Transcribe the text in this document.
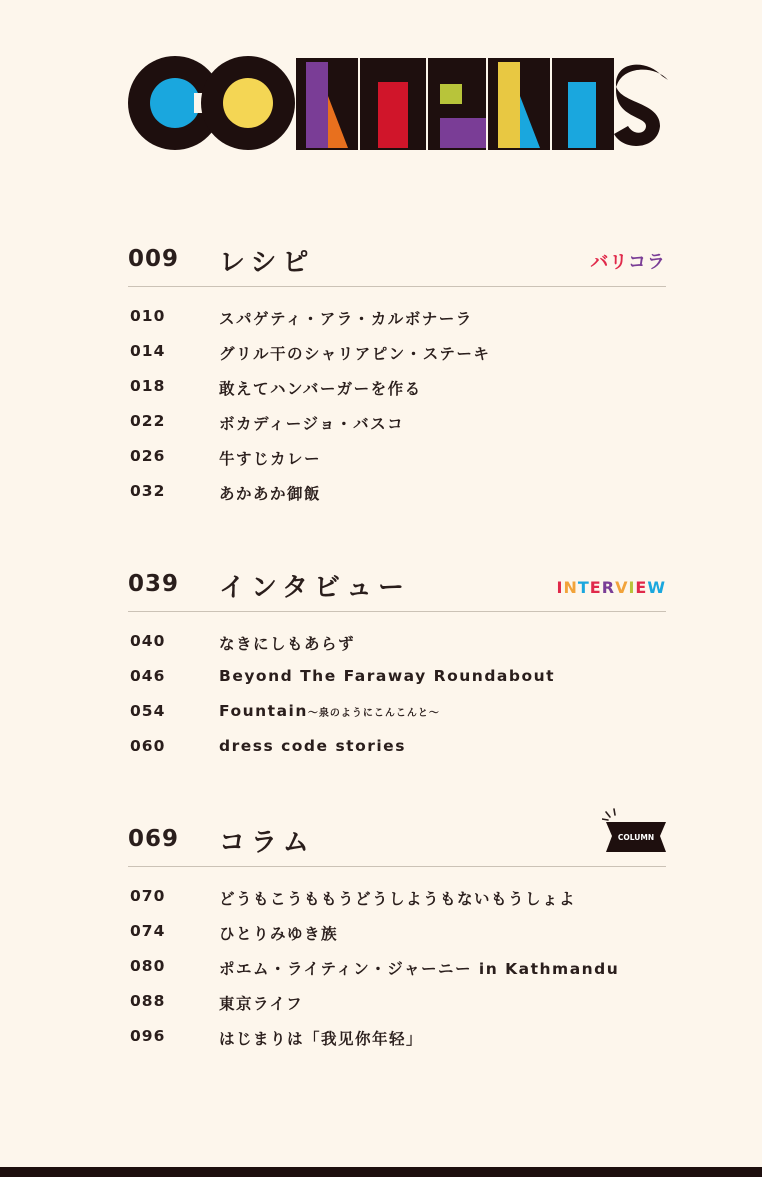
009 レシピ	バリコラ
010	スパゲティ・アラ・カルボナーラ
014	グリル干のシャリアピン・ステーキ
018	敢えてハンバーガーを作る
022	ボカディージョ・バスコ
026	牛すじカレー
032	あかあか御飯
039 インタビュー	INTERVIEW
040	なきにしもあらず
046	Beyond The Faraway Roundabout
054	Fountain～泉のようにこんこんと～
060	dress code stories
069 コラム	COLUMN
070	どうもこうももうどうしようもないもうしょよ
074	ひとりみゆき族
080	ポエム・ライティン・ジャーニー in Kathmandu
088	東京ライフ
096	はじまりは「我见你年轻」
